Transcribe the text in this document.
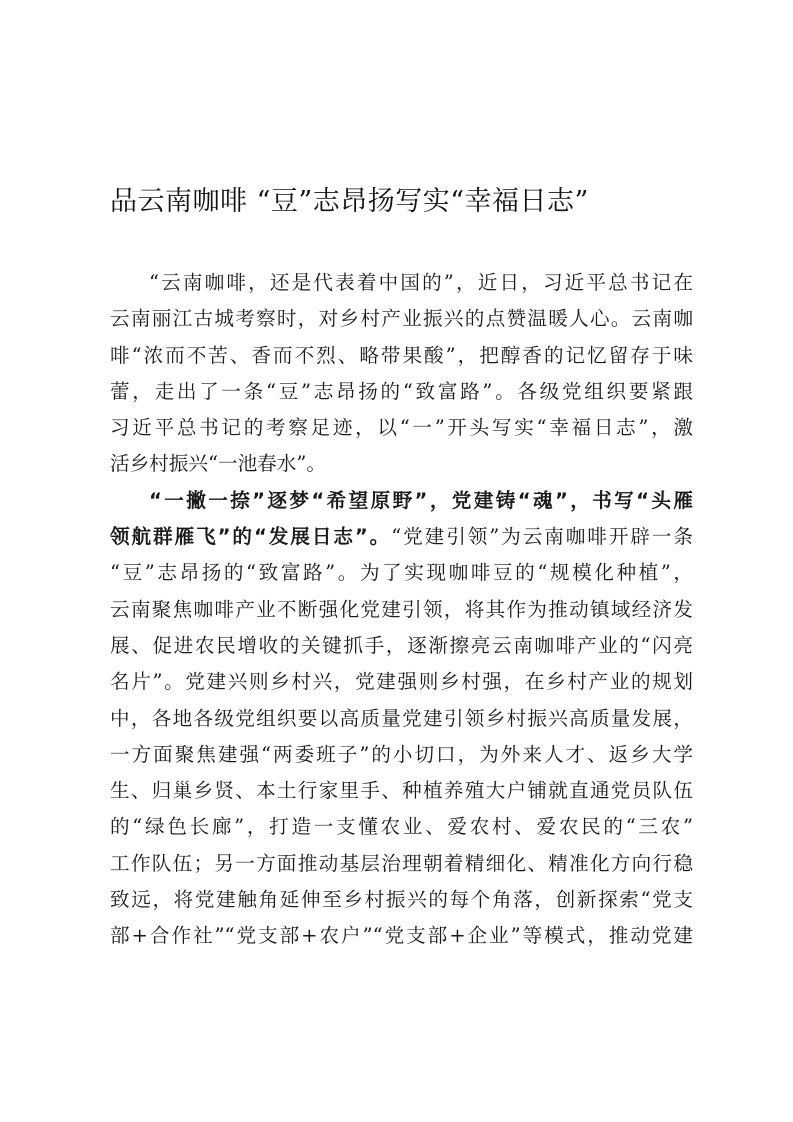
品云南咖啡 “豆”志昂扬写实“幸福日志”
“云南咖啡，还是代表着中国的”，近日，习近平总书记在
云南丽江古城考察时，对乡村产业振兴的点赞温暖人心。云南咖
啡“浓而不苦、香而不烈、略带果酸”，把醇香的记忆留存于味
蕾，走出了一条“豆”志昂扬的“致富路”。各级党组织要紧跟
习近平总书记的考察足迹，以“一”开头写实“幸福日志”，激
活乡村振兴“一池春水”。
“一撇一捺”逐梦“希望原野”，党建铸“魂”，书写“头雁
领航群雁飞”的“发展日志”。“党建引领”为云南咖啡开辟一条
“豆”志昂扬的“致富路”。为了实现咖啡豆的“规模化种植”，
云南聚焦咖啡产业不断强化党建引领，将其作为推动镇域经济发
展、促进农民增收的关键抓手，逐渐擦亮云南咖啡产业的“闪亮
名片”。党建兴则乡村兴，党建强则乡村强，在乡村产业的规划
中，各地各级党组织要以高质量党建引领乡村振兴高质量发展，
一方面聚焦建强“两委班子”的小切口，为外来人才、返乡大学
生、归巢乡贤、本土行家里手、种植养殖大户铺就直通党员队伍
的“绿色长廊”，打造一支懂农业、爱农村、爱农民的“三农”
工作队伍；另一方面推动基层治理朝着精细化、精准化方向行稳
致远，将党建触角延伸至乡村振兴的每个角落，创新探索“党支
部+合作社”“党支部+农户”“党支部+企业”等模式，推动党建
